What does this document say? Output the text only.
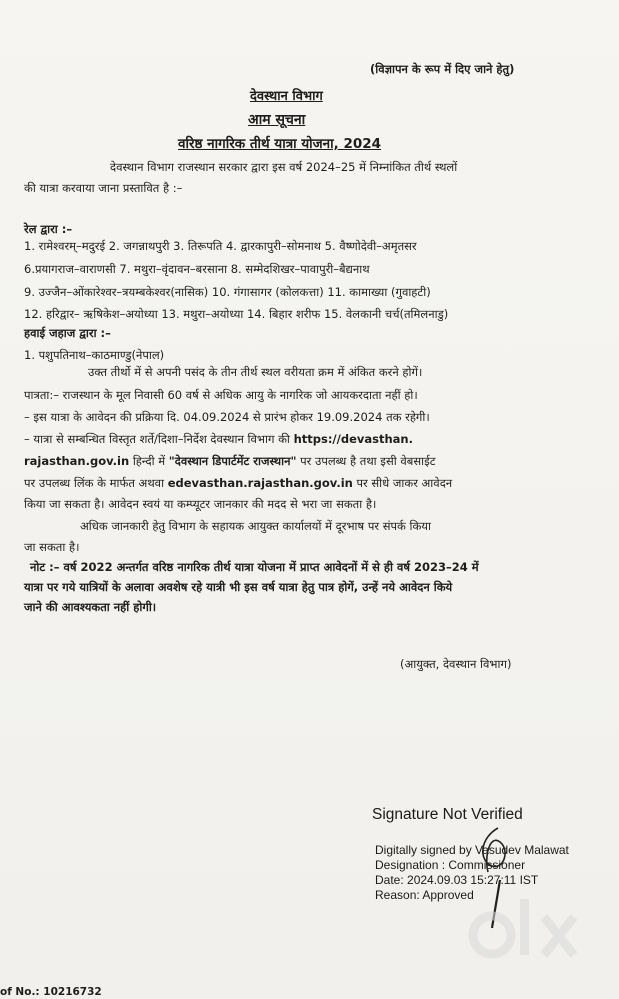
(विज्ञापन के रूप में दिए जाने हेतु)
देवस्थान विभाग
आम सूचना
वरिष्ठ नागरिक तीर्थ यात्रा योजना, 2024
देवस्थान विभाग राजस्थान सरकार द्वारा इस वर्ष 2024–25 में निम्नांकित तीर्थ स्थलों
की यात्रा करवाया जाना प्रस्तावित है :–
रेल द्वारा :–
1. रामेश्वरम्–मदुरई 2. जगन्नाथपुरी 3. तिरूपति 4. द्वारकापुरी–सोमनाथ 5. वैष्णोदेवी–अमृतसर
6.प्रयागराज–वाराणसी 7. मथुरा–वृंदावन–बरसाना 8. सम्मेदशिखर–पावापुरी–बैद्यनाथ
9. उज्जैन–ओंकारेश्वर–त्रयम्बकेश्वर(नासिक) 10. गंगासागर (कोलकत्ता) 11. कामाख्या (गुवाहटी)
12. हरिद्वार– ऋषिकेश–अयोध्या 13. मथुरा–अयोध्या 14. बिहार शरीफ 15. वेलकानी चर्च(तमिलनाडु)
हवाई जहाज द्वारा :–
1. पशुपतिनाथ–काठमाण्डु(नेपाल)
उक्त तीर्थो में से अपनी पसंद के तीन तीर्थ स्थल वरीयता क्रम में अंकित करने होगें।
पात्रता:– राजस्थान के मूल निवासी 60 वर्ष से अधिक आयु के नागरिक जो आयकरदाता नहीं हो।
– इस यात्रा के आवेदन की प्रक्रिया दि. 04.09.2024 से प्रारंभ होकर 19.09.2024 तक रहेगी।
– यात्रा से सम्बन्धित विस्तृत शर्ते/दिशा–निर्देश देवस्थान विभाग की https://devasthan.
rajasthan.gov.in हिन्दी में "देवस्थान डिपार्टमेंट राजस्थान" पर उपलब्ध है तथा इसी वेबसाईट
पर उपलब्ध लिंक के मार्फत अथवा edevasthan.rajasthan.gov.in पर सीधे जाकर आवेदन
किया जा सकता है। आवेदन स्वयं या कम्प्यूटर जानकार की मदद से भरा जा सकता है।
अधिक जानकारी हेतु विभाग के सहायक आयुक्त कार्यालयों में दूरभाष पर संपर्क किया
जा सकता है।
नोट :– वर्ष 2022 अन्तर्गत वरिष्ठ नागरिक तीर्थ यात्रा योजना में प्राप्त आवेदनों में से ही वर्ष 2023–24 में
यात्रा पर गये यात्रियों के अलावा अवशेष रहे यात्री भी इस वर्ष यात्रा हेतु पात्र होगें, उन्हें नये आवेदन किये
जाने की आवश्यकता नहीं होगी।
(आयुक्त, देवस्थान विभाग)
Signature Not Verified
Digitally signed by Vasudev Malawat
Designation : Commissioner
Date: 2024.09.03 15:27:11 IST
Reason: Approved
of No.: 10216732
